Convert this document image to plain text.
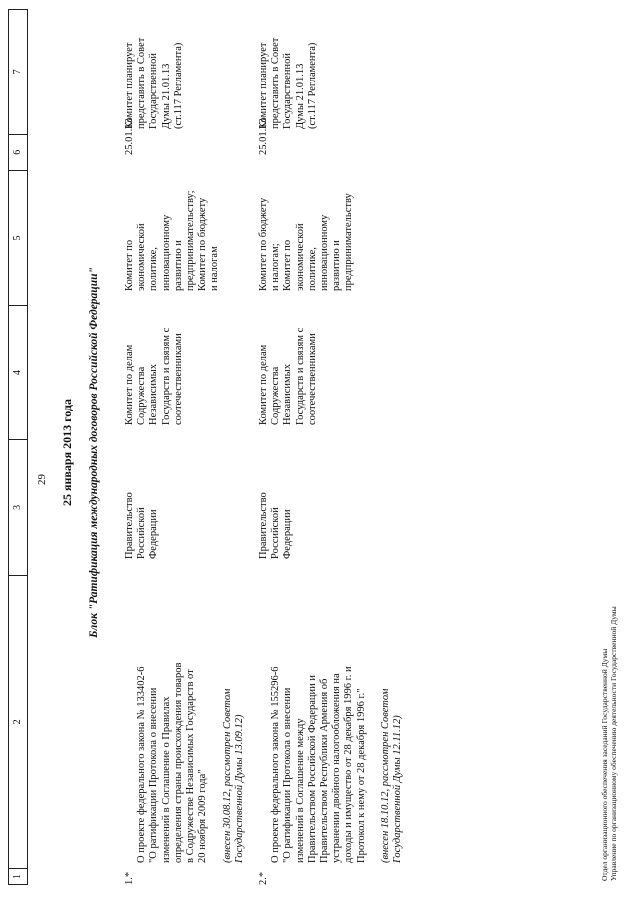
1
2
3
4
5
6
7
29 25 января 2013 года Блок "Ратификация международных договоров Российской Федерации"
1.*

О проекте федерального закона № 133402-6
"О ратификации Протокола о внесении
изменений в Соглашение о Правилах
определения страны происхождения товаров
в Содружестве Независимых Государств от
20 ноября 2009 года"

(внесен 30.08.12, рассмотрен Советом
Государственной Думы 13.09.12)

Правительство
Российской
Федерации
Комитет по делам
Содружества
Независимых
Государств и связям с
соотечественниками
Комитет по
экономической
политике,
инновационному
развитию и
предпринимательству;
Комитет по бюджету
и налогам
25.01.13
Комитет планирует
представить в Совет
Государственной
Думы 21.01.13
(ст.117 Регламента)
2.*

О проекте федерального закона № 155296-6
"О ратификации Протокола о внесении
изменений в Соглашение между
Правительством Российской Федерации и
Правительством Республики Армения об
устранении двойного налогообложения на
доходы и имущество от 28 декабря 1996 г. и
Протокол к нему от 28 декабря 1996 г."

(внесен 18.10.12, рассмотрен Советом
Государственной Думы 12.11.12)

Правительство
Российской
Федерации
Комитет по делам
Содружества
Независимых
Государств и связям с
соотечественниками
Комитет по бюджету
и налогам;
Комитет по
экономической
политике,
инновационному
развитию и
предпринимательству
25.01.13
Комитет планирует
представить в Совет
Государственной
Думы 21.01.13
(ст.117 Регламента)
Отдел организационного обеспечения заседаний Государственной Думы
Управление по организационному обеспечению деятельности Государственной Думы
